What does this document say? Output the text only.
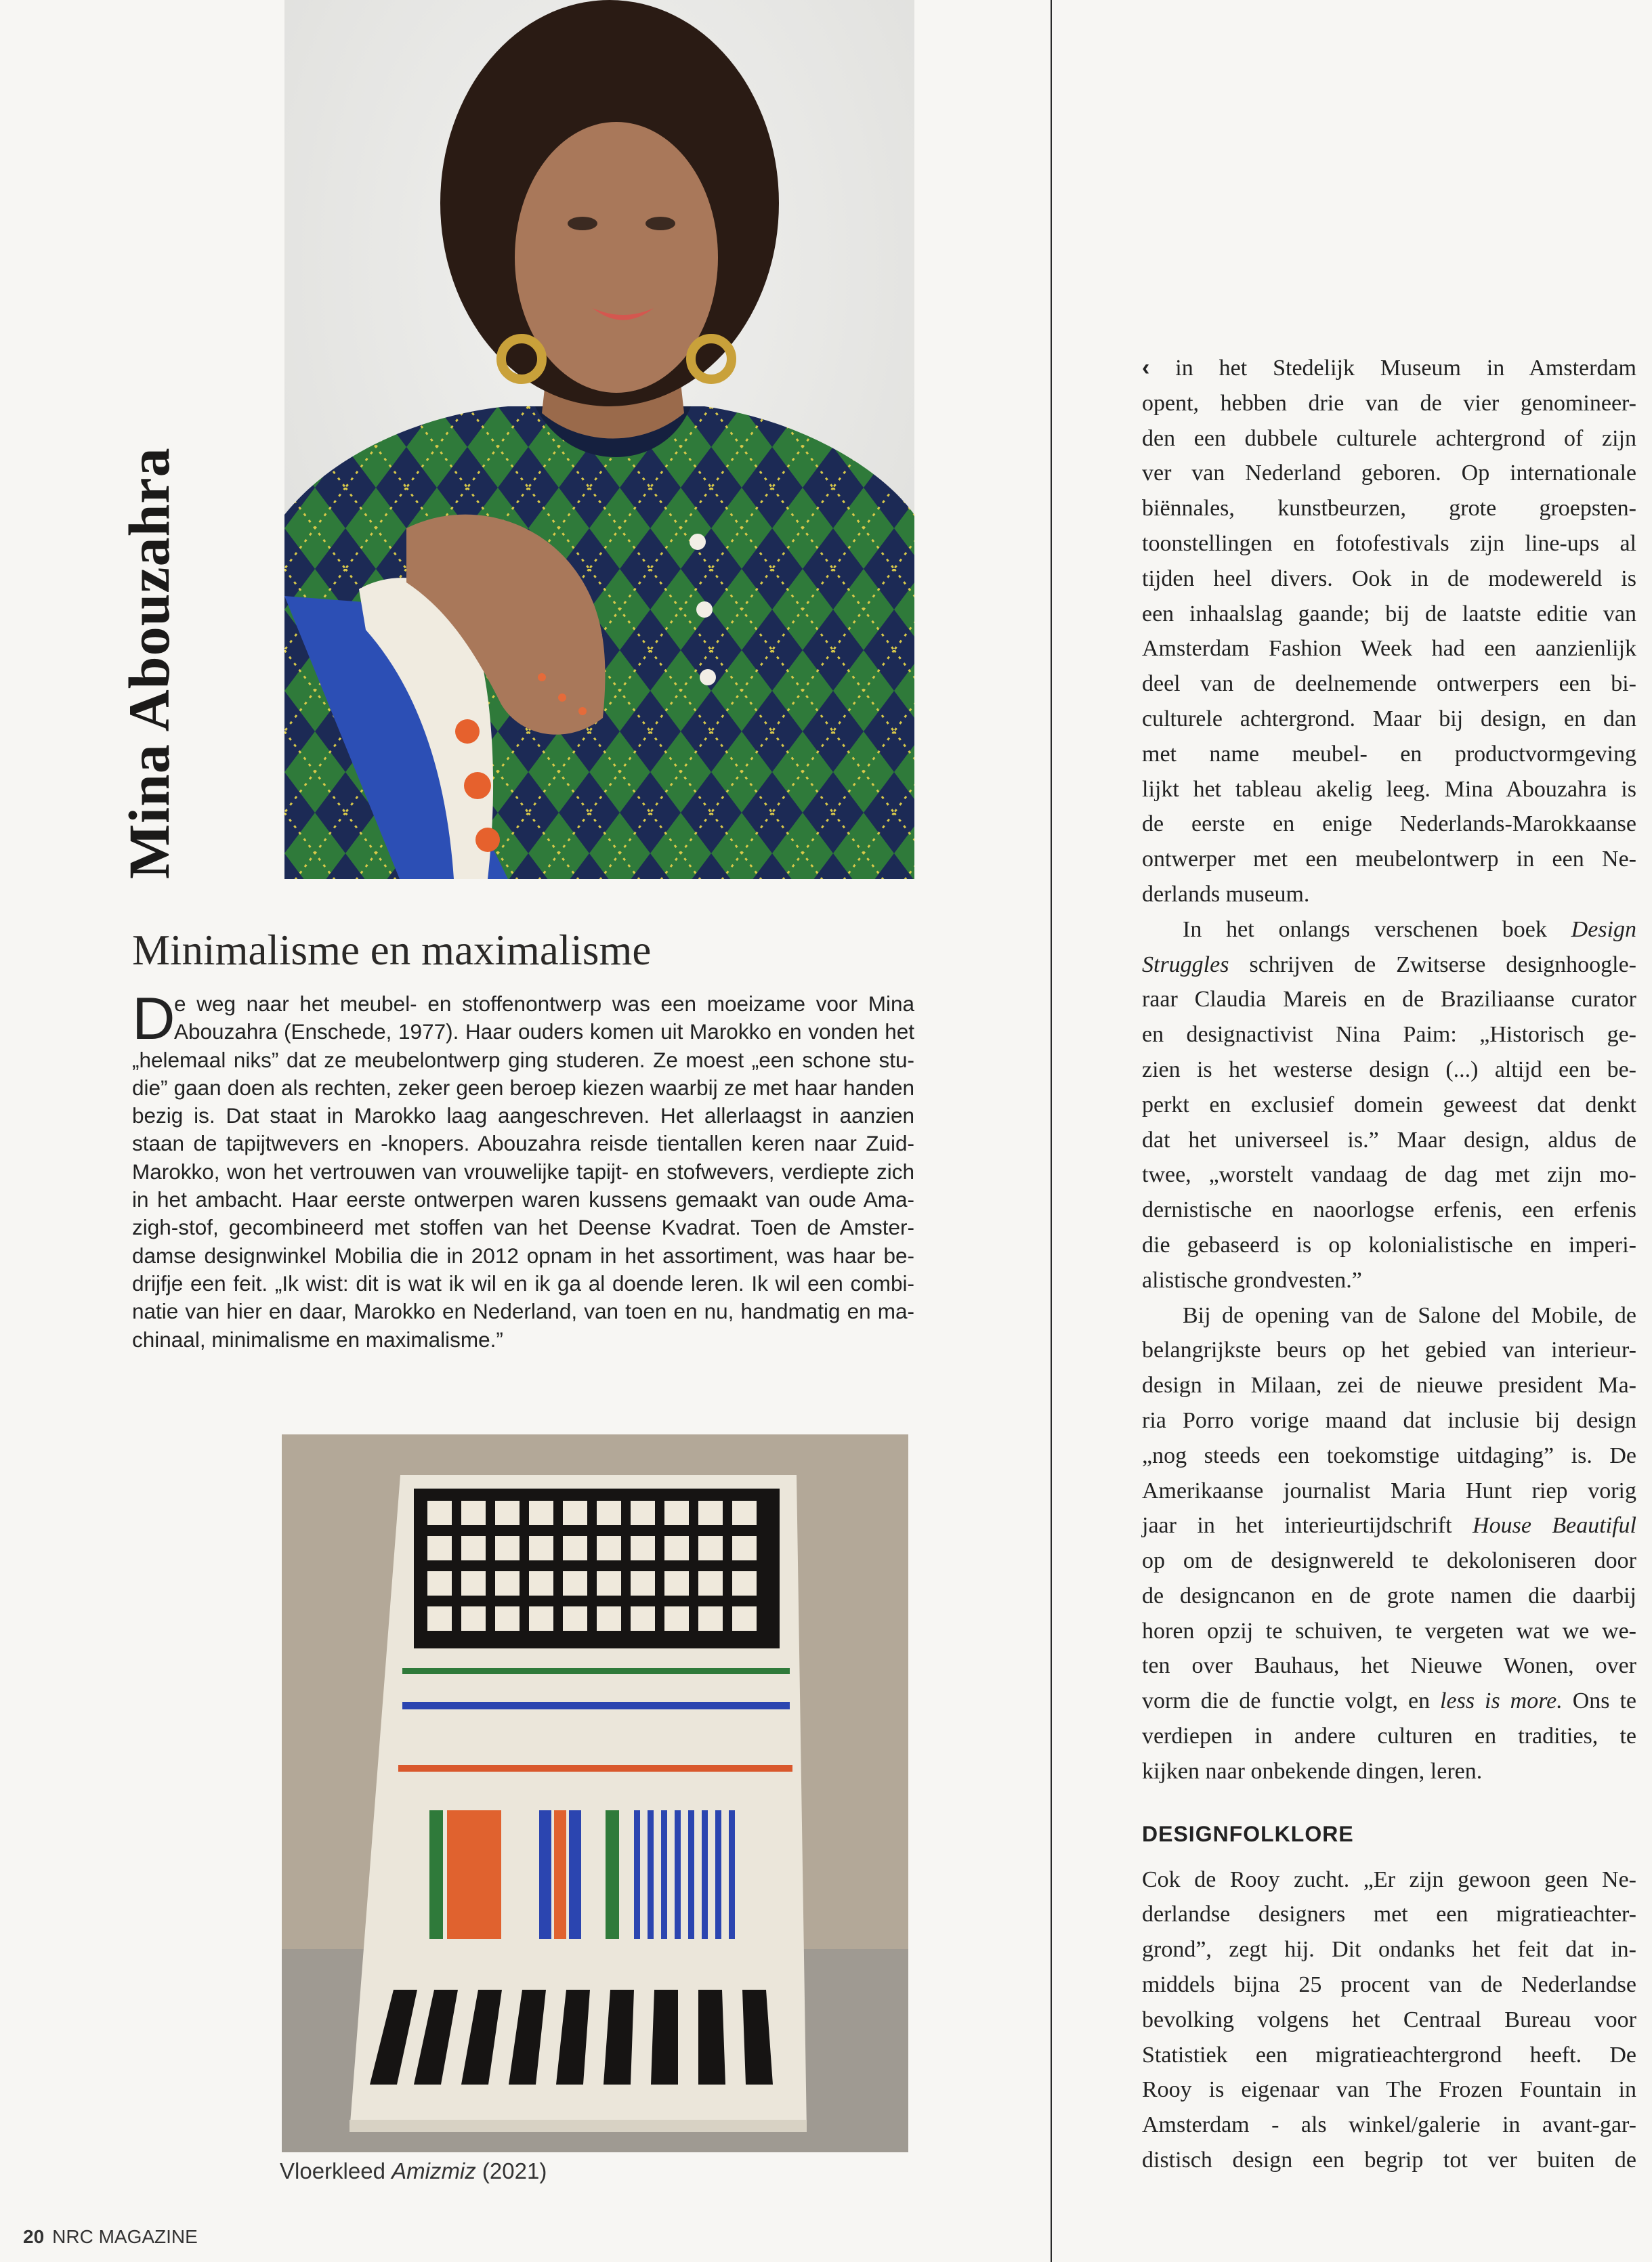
Mina Abouzahra
Minimalisme en maximalisme
D
e weg naar het meubel- en stoffenontwerp was een moeizame voor Mina
Abouzahra (Enschede, 1977). Haar ouders komen uit Marokko en vonden het
„helemaal niks” dat ze meubelontwerp ging studeren. Ze moest „een schone stu-
die” gaan doen als rechten, zeker geen beroep kiezen waarbij ze met haar handen
bezig is. Dat staat in Marokko laag aangeschreven. Het allerlaagst in aanzien
staan de tapijtwevers en -knopers. Abouzahra reisde tientallen keren naar Zuid-
Marokko, won het vertrouwen van vrouwelijke tapijt- en stofwevers, verdiepte zich
in het ambacht. Haar eerste ontwerpen waren kussens gemaakt van oude Ama-
zigh-stof, gecombineerd met stoffen van het Deense Kvadrat. Toen de Amster-
damse designwinkel Mobilia die in 2012 opnam in het assortiment, was haar be-
drijfje een feit. „Ik wist: dit is wat ik wil en ik ga al doende leren. Ik wil een combi-
natie van hier en daar, Marokko en Nederland, van toen en nu, handmatig en ma-
chinaal, minimalisme en maximalisme.”
Vloerkleed Amizmiz (2021)
20 NRC MAGAZINE
‹ in het Stedelijk Museum in Amsterdam
opent, hebben drie van de vier genomineer-
den een dubbele culturele achtergrond of zijn
ver van Nederland geboren. Op internationale
biënnales, kunstbeurzen, grote groepsten-
toonstellingen en fotofestivals zijn line-ups al
tijden heel divers. Ook in de modewereld is
een inhaalslag gaande; bij de laatste editie van
Amsterdam Fashion Week had een aanzienlijk
deel van de deelnemende ontwerpers een bi-
culturele achtergrond. Maar bij design, en dan
met name meubel- en productvormgeving
lijkt het tableau akelig leeg. Mina Abouzahra is
de eerste en enige Nederlands-Marokkaanse
ontwerper met een meubelontwerp in een Ne-
derlands museum.
In het onlangs verschenen boek Design
Struggles schrijven de Zwitserse designhoogle-
raar Claudia Mareis en de Braziliaanse curator
en designactivist Nina Paim: „Historisch ge-
zien is het westerse design (...) altijd een be-
perkt en exclusief domein geweest dat denkt
dat het universeel is.” Maar design, aldus de
twee, „worstelt vandaag de dag met zijn mo-
dernistische en naoorlogse erfenis, een erfenis
die gebaseerd is op kolonialistische en imperi-
alistische grondvesten.”
Bij de opening van de Salone del Mobile, de
belangrijkste beurs op het gebied van interieur-
design in Milaan, zei de nieuwe president Ma-
ria Porro vorige maand dat inclusie bij design
„nog steeds een toekomstige uitdaging” is. De
Amerikaanse journalist Maria Hunt riep vorig
jaar in het interieurtijdschrift House Beautiful
op om de designwereld te dekoloniseren door
de designcanon en de grote namen die daarbij
horen opzij te schuiven, te vergeten wat we we-
ten over Bauhaus, het Nieuwe Wonen, over
vorm die de functie volgt, en less is more. Ons te
verdiepen in andere culturen en tradities, te
kijken naar onbekende dingen, leren.
DESIGNFOLKLORE
Cok de Rooy zucht. „Er zijn gewoon geen Ne-
derlandse designers met een migratieachter-
grond”, zegt hij. Dit ondanks het feit dat in-
middels bijna 25 procent van de Nederlandse
bevolking volgens het Centraal Bureau voor
Statistiek een migratieachtergrond heeft. De
Rooy is eigenaar van The Frozen Fountain in
Amsterdam - als winkel/galerie in avant-gar-
distisch design een begrip tot ver buiten de
